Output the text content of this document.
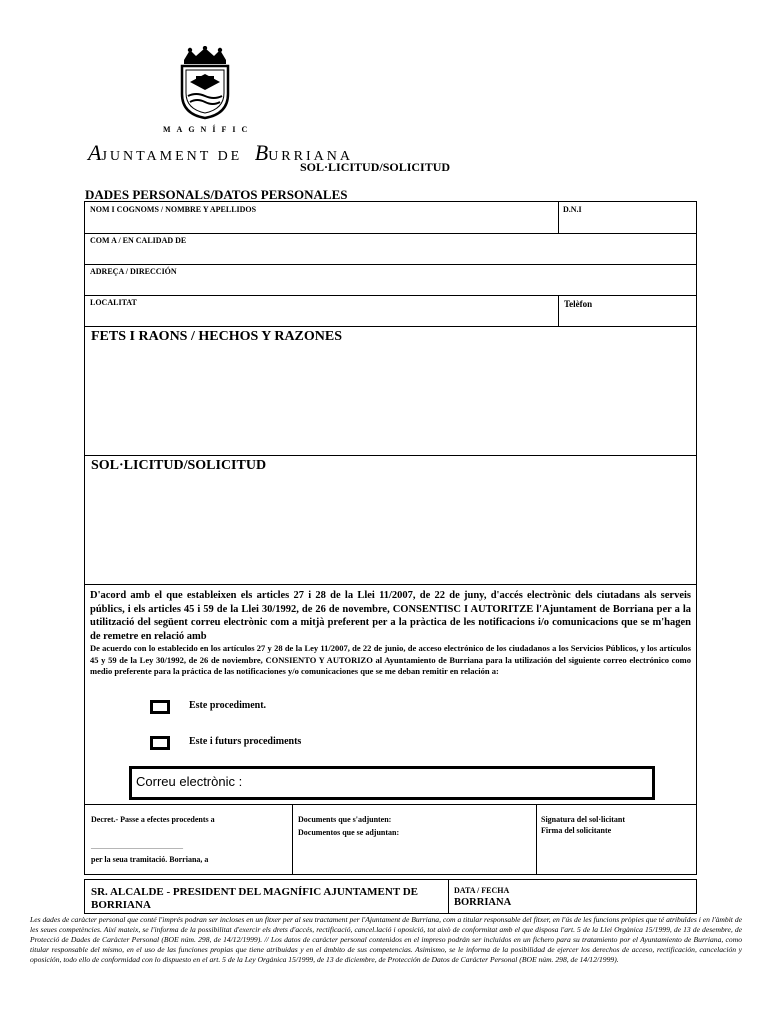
MAGNÍFIC
AJUNTAMENT DE BURRIANA
SOL·LICITUD/SOLICITUD
DADES PERSONALS/DATOS PERSONALES
NOM I COGNOMS / NOMBRE Y APELLIDOS	D.N.I
COM A / EN CALIDAD DE
ADREÇA / DIRECCIÓN
LOCALITAT	Telèfon
FETS I RAONS / HECHOS Y RAZONES
SOL·LICITUD/SOLICITUD
D'acord amb el que estableixen els articles 27 i 28 de la Llei 11/2007, de 22 de juny, d'accés electrònic dels ciutadans als serveis públics, i els articles 45 i 59 de la Llei 30/1992, de 26 de novembre, CONSENTISC I AUTORITZE l'Ajuntament de Borriana per a la utilització del següent correu electrònic com a mitjà preferent per a la pràctica de les notificacions i/o comunicacions que se m'hagen de remetre en relació amb
De acuerdo con lo establecido en los artículos 27 y 28 de la Ley 11/2007, de 22 de junio, de acceso electrónico de los ciudadanos a los Servicios Públicos, y los artículos 45 y 59 de la Ley 30/1992, de 26 de noviembre, CONSIENTO Y AUTORIZO al Ayuntamiento de Burriana para la utilización del siguiente correo electrónico como medio preferente para la práctica de las notificaciones y/o comunicaciones que se me deban remitir en relación a:
Este procediment.
Este i futurs procediments
Correu electrònic :
Decret.- Passe a efectes procedents a
_______________________
per la seua tramitació. Borriana, a
Documents que s'adjunten:
Documentos que se adjuntan:
Signatura del sol·licitant
Firma del solicitante
SR. ALCALDE - PRESIDENT DEL MAGNÍFIC AJUNTAMENT DE BORRIANA
DATA / FECHA
BORRIANA
Les dades de caràcter personal que conté l'imprés podran ser incloses en un fitxer per al seu tractament per l'Ajuntament de Burriana, com a titular responsable del fitxer, en l'ús de les funcions pròpies que té atribuïdes i en l'àmbit de les seues competències. Així mateix, se l'informa de la possibilitat d'exercir els drets d'accés, rectificació, cancel.lació i oposició, tot això de conformitat amb el que disposa l'art. 5 de la Llei Orgànica 15/1999, de 13 de desembre, de Protecció de Dades de Caràcter Personal (BOE núm. 298, de 14/12/1999). // Los datos de carácter personal contenidos en el impreso podrán ser incluidos en un fichero para su tratamiento por el Ayuntamiento de Burriana, como titular responsable del mismo, en el uso de las funciones propias que tiene atribuidas y en el ámbito de sus competencias. Asimismo, se le informa de la posibilidad de ejercer los derechos de acceso, rectificación, cancelación y oposición, todo ello de conformidad con lo dispuesto en el art. 5 de la Ley Orgánica 15/1999, de 13 de diciembre, de Protección de Datos de Carácter Personal (BOE núm. 298, de 14/12/1999).
